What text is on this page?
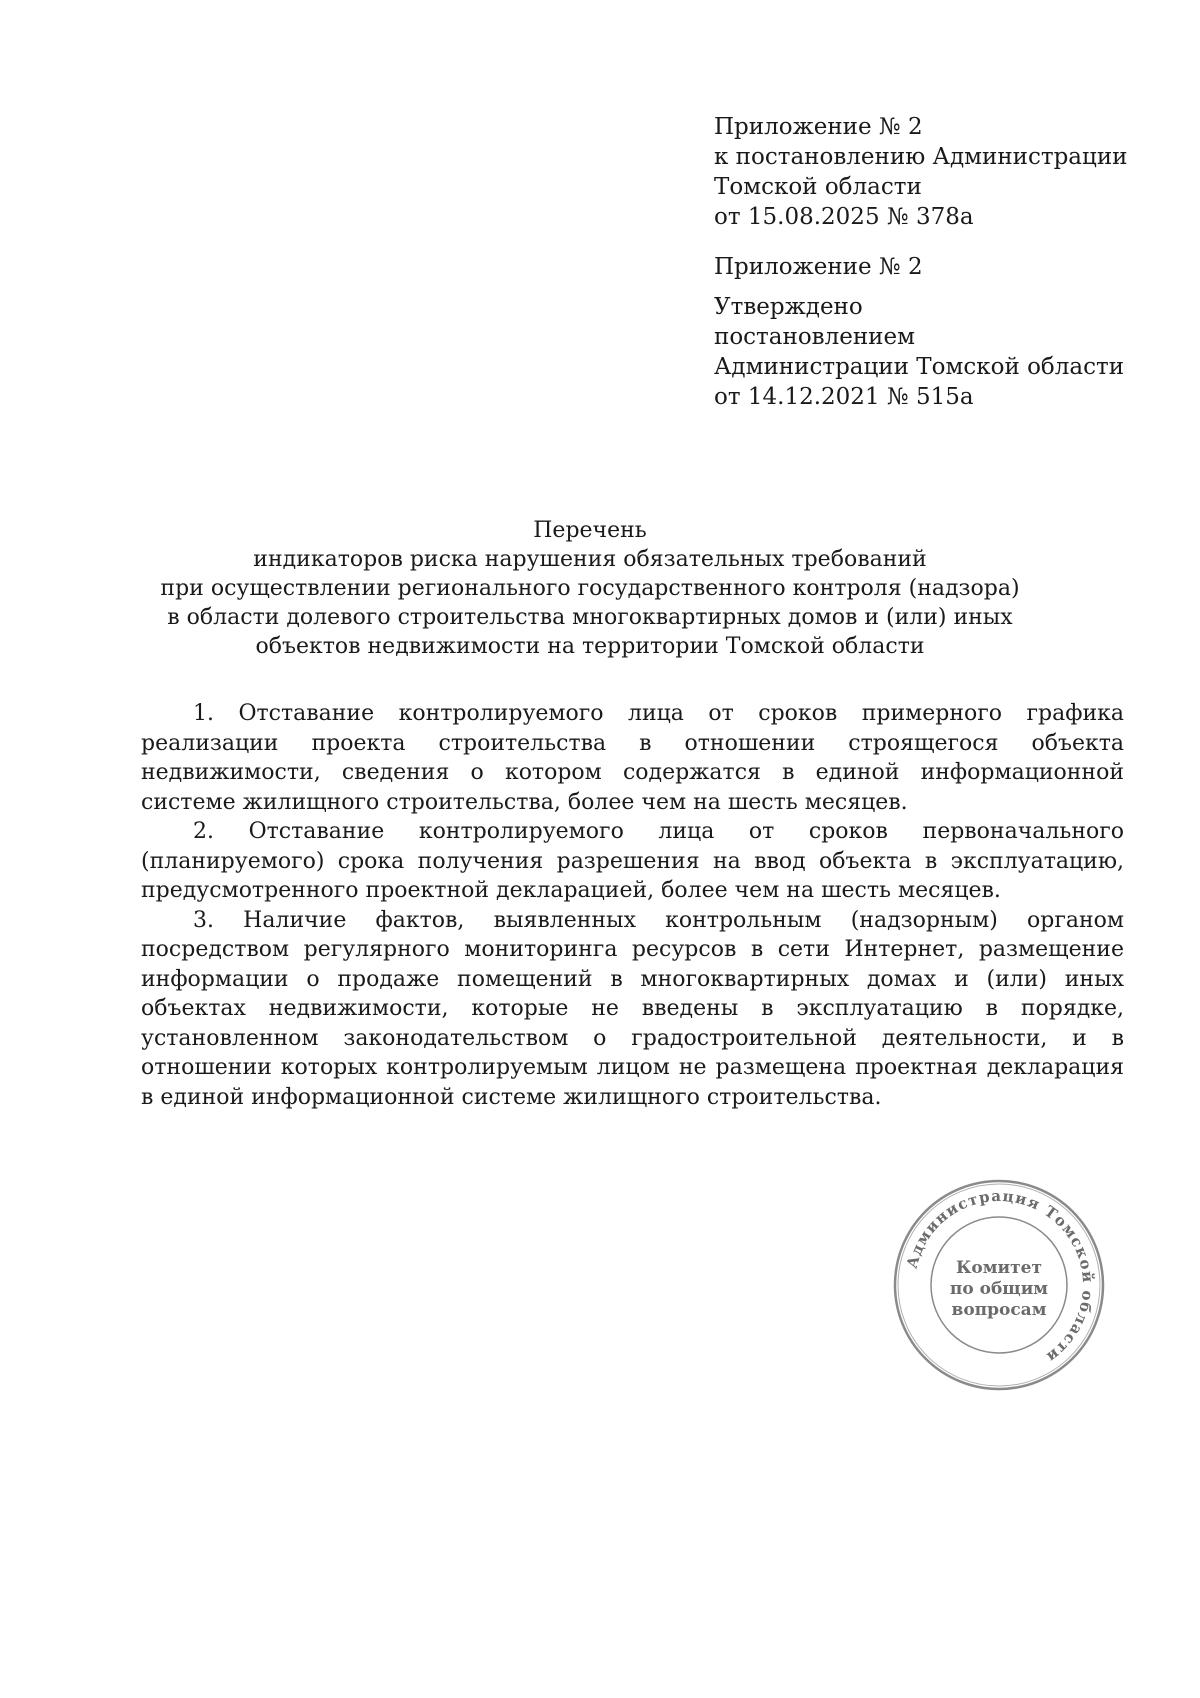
Приложение № 2
к постановлению Администрации
Томской области
от 15.08.2025 № 378а
Приложение № 2
Утверждено
постановлением
Администрации Томской области
от 14.12.2021 № 515а
Перечень
индикаторов риска нарушения обязательных требований
при осуществлении регионального государственного контроля (надзора)
в области долевого строительства многоквартирных домов и (или) иных
объектов недвижимости на территории Томской области

1. Отставание контролируемого лица от сроков примерного графика реализации проекта строительства в отношении строящегося объекта недвижимости, сведения о котором содержатся в единой информационной системе жилищного строительства, более чем на шесть месяцев.

2. Отставание контролируемого лица от сроков первоначального (планируемого) срока получения разрешения на ввод объекта в эксплуатацию, предусмотренного проектной декларацией, более чем на шесть месяцев.

3. Наличие фактов, выявленных контрольным (надзорным) органом посредством регулярного мониторинга ресурсов в сети Интернет, размещение информации о продаже помещений в многоквартирных домах и (или) иных объектах недвижимости, которые не введены в эксплуатацию в порядке, установленном законодательством о градостроительной деятельности, и в отношении которых контролируемым лицом не размещена проектная декларация в единой информационной системе жилищного строительства.

Администрация Томской области
Комитет
по общим
вопросам
